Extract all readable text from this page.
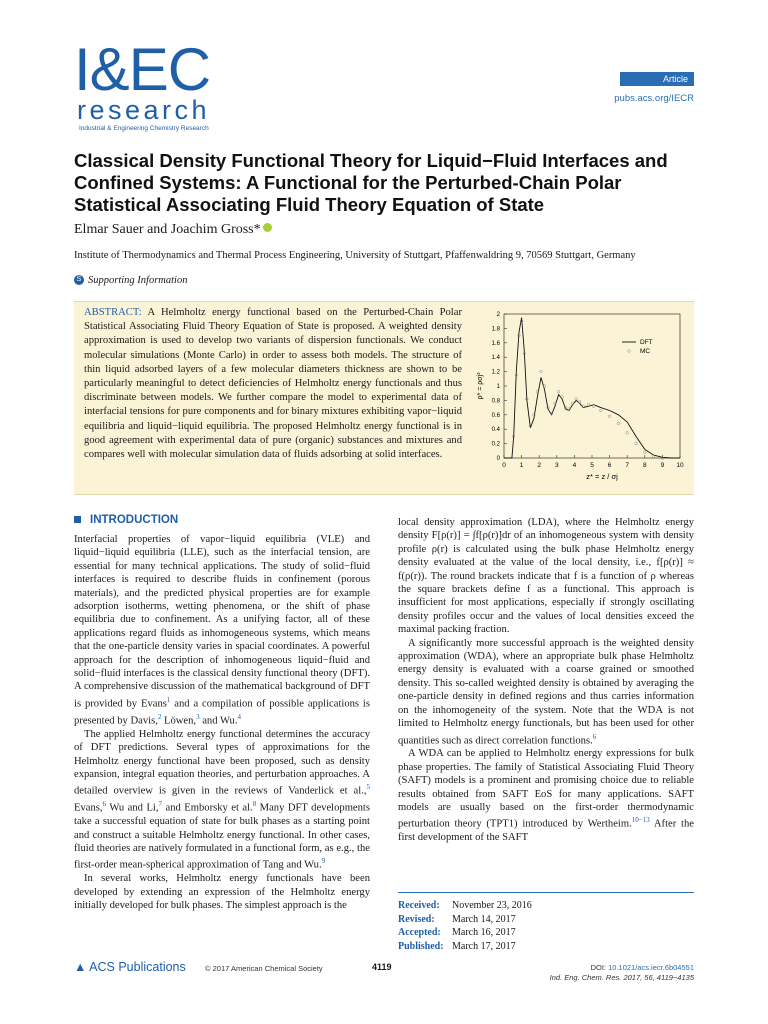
I&EC
research
Industrial & Engineering Chemistry Research
Article
pubs.acs.org/IECR
Classical Density Functional Theory for Liquid−Fluid Interfaces and Confined Systems: A Functional for the Perturbed-Chain Polar Statistical Associating Fluid Theory Equation of State
Elmar Sauer and Joachim Gross*
Institute of Thermodynamics and Thermal Process Engineering, University of Stuttgart, Pfaffenwaldring 9, 70569 Stuttgart, Germany
S Supporting Information
ABSTRACT: A Helmholtz energy functional based on the Perturbed-Chain Polar Statistical Associating Fluid Theory Equation of State is proposed. A weighted density approximation is used to develop two variants of dispersion functionals. We conduct molecular simulations (Monte Carlo) in order to assess both models. The structure of thin liquid adsorbed layers of a few molecular diameters thickness are shown to be particularly meaningful to detect deficiencies of Helmholtz energy functionals and thus discriminate between models. We further compare the model to experimental data of interfacial tensions for pure components and for binary mixtures exhibiting vapor−liquid equilibria and liquid−liquid equilibria. The proposed Helmholtz energy functional is in good agreement with experimental data of pure (organic) substances and mixtures and compares well with molecular simulation data of fluids adsorbing at solid interfaces.
0 1 2 3 4 5 6 7 8 9 10
0
0.2
0.4
0.6
0.8
1
1.2
1.4
1.6
1.8
2
z* = z / σj
ρ* = ρσj³
DFT
MC
INTRODUCTION

Interfacial properties of vapor−liquid equilibria (VLE) and liquid−liquid equilibria (LLE), such as the interfacial tension, are essential for many technical applications. The study of solid−fluid interfaces is required to describe fluids in confinement (porous materials), and the predicted physical properties are for example adsorption isotherms, wetting phenomena, or the shift of phase equilibria due to confinement. As a unifying factor, all of these applications regard fluids as inhomogeneous systems, which means that the one-particle density varies in spacial coordinates. A powerful approach for the description of inhomogeneous liquid−fluid and solid−fluid interfaces is the classical density functional theory (DFT). A comprehensive discussion of the mathematical background of DFT is provided by Evans$^1$ and a compilation of possible applications is presented by Davis,$^2$ Löwen,$^3$ and Wu.$^4$

The applied Helmholtz energy functional determines the accuracy of DFT predictions. Several types of approximations for the Helmholtz energy functional have been proposed, such as density expansion, integral equation theories, and perturbation approaches. A detailed overview is given in the reviews of Vanderlick et al.,$^5$ Evans,$^6$ Wu and Li,$^7$ and Emborsky et al.$^8$ Many DFT developments take a successful equation of state for bulk phases as a starting point and construct a suitable Helmholtz energy functional. In other cases, fluid theories are natively formulated in a functional form, as e.g., the first-order mean-spherical approximation of Tang and Wu.$^9$

In several works, Helmholtz energy functionals have been developed by extending an expression of the Helmholtz energy initially developed for bulk phases. The simplest approach is the

local density approximation (LDA), where the Helmholtz energy density F[ρ(r)] = ∫f[ρ(r)]dr of an inhomogeneous system with density profile ρ(r) is calculated using the bulk phase Helmholtz energy density evaluated at the value of the local density, i.e., f[ρ(r)] ≈ f(ρ(r)). The round brackets indicate that f is a function of ρ whereas the square brackets define f as a functional. This approach is insufficient for most applications, especially if strongly oscillating density profiles occur and the values of local densities exceed the maximal packing fraction.

A significantly more successful approach is the weighted density approximation (WDA), where an appropriate bulk phase Helmholtz energy density is evaluated with a coarse grained or smoothed density. This so-called weighted density is obtained by averaging the one-particle density in defined regions and thus carries information on the inhomogeneity of the system. Note that the WDA is not limited to Helmholtz energy functionals, but has been used for other quantities such as direct correlation functions.$^6$

A WDA can be applied to Helmholtz energy expressions for bulk phase properties. The family of Statistical Associating Fluid Theory (SAFT) models is a prominent and promising choice due to reliable results obtained from SAFT EoS for many applications. SAFT models are usually based on the first-order thermodynamic perturbation theory (TPT1) introduced by Wertheim.$^{10-13}$ After the first development of the SAFT

Received:	November 23, 2016
Revised:	March 14, 2017
Accepted:	March 16, 2017
Published: March 17, 2017
▲ ACS Publications	© 2017 American Chemical Society	4119	DOI: 10.1021/acs.iecr.6b04551
Ind. Eng. Chem. Res. 2017, 56, 4119−4135
